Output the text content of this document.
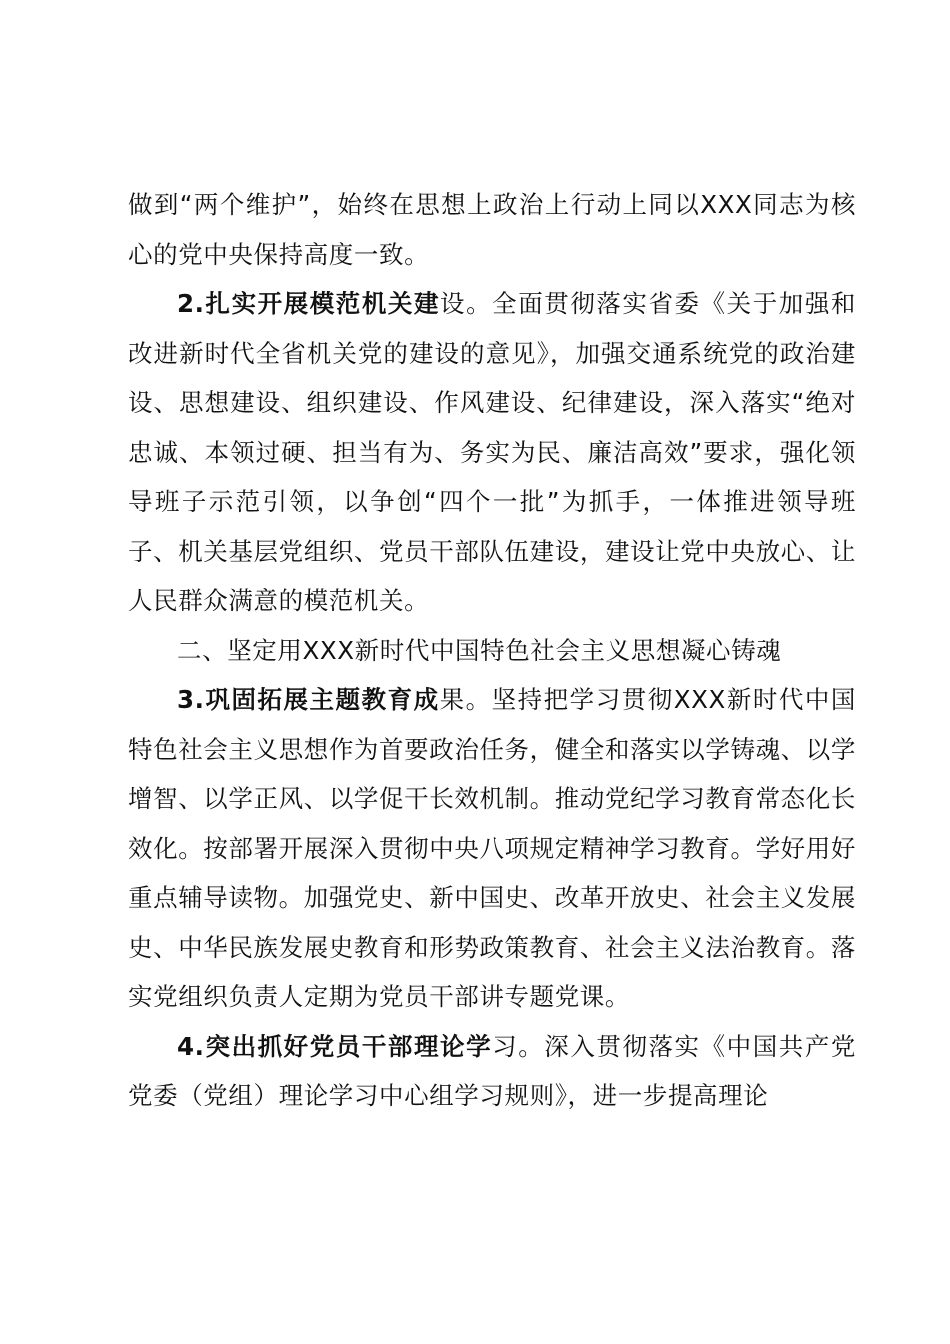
做到“两个维护”，始终在思想上政治上行动上同以XXX同志为核心的党中央保持高度一致。

2.扎实开展模范机关建设。全面贯彻落实省委《关于加强和改进新时代全省机关党的建设的意见》，加强交通系统党的政治建设、思想建设、组织建设、作风建设、纪律建设，深入落实“绝对忠诚、本领过硬、担当有为、务实为民、廉洁高效”要求，强化领导班子示范引领，以争创“四个一批”为抓手，一体推进领导班子、机关基层党组织、党员干部队伍建设，建设让党中央放心、让人民群众满意的模范机关。

二、坚定用XXX新时代中国特色社会主义思想凝心铸魂

3.巩固拓展主题教育成果。坚持把学习贯彻XXX新时代中国特色社会主义思想作为首要政治任务，健全和落实以学铸魂、以学增智、以学正风、以学促干长效机制。推动党纪学习教育常态化长效化。按部署开展深入贯彻中央八项规定精神学习教育。学好用好重点辅导读物。加强党史、新中国史、改革开放史、社会主义发展史、中华民族发展史教育和形势政策教育、社会主义法治教育。落实党组织负责人定期为党员干部讲专题党课。

4.突出抓好党员干部理论学习。深入贯彻落实《中国共产党党委（党组）理论学习中心组学习规则》，进一步提高理论
